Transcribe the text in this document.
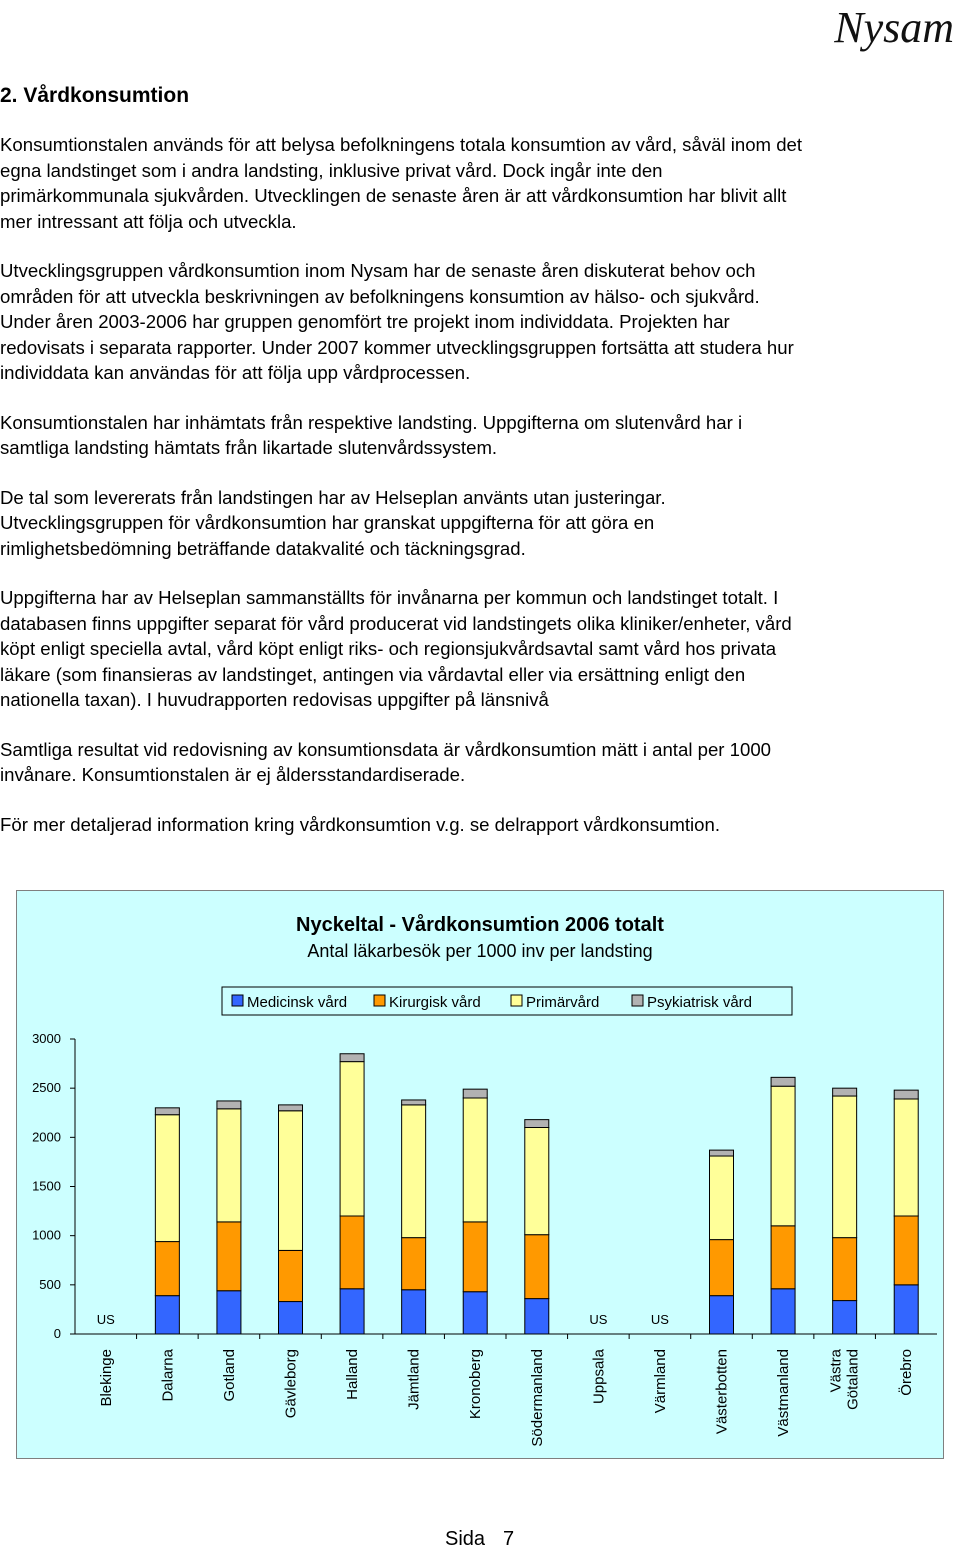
Nysam
2. Vårdkonsumtion

Konsumtionstalen används för att belysa befolkningens totala konsumtion av vård, såväl inom det
egna landstinget som i andra landsting, inklusive privat vård. Dock ingår inte den
primärkommunala sjukvården. Utvecklingen de senaste åren är att vårdkonsumtion har blivit allt
mer intressant att följa och utveckla.

Utvecklingsgruppen vårdkonsumtion inom Nysam har de senaste åren diskuterat behov och
områden för att utveckla beskrivningen av befolkningens konsumtion av hälso- och sjukvård.
Under åren 2003-2006 har gruppen genomfört tre projekt inom individdata. Projekten har
redovisats i separata rapporter. Under 2007 kommer utvecklingsgruppen fortsätta att studera hur
individdata kan användas för att följa upp vårdprocessen.

Konsumtionstalen har inhämtats från respektive landsting. Uppgifterna om slutenvård har i
samtliga landsting hämtats från likartade slutenvårdssystem.

De tal som levererats från landstingen har av Helseplan använts utan justeringar.
Utvecklingsgruppen för vårdkonsumtion har granskat uppgifterna för att göra en
rimlighetsbedömning beträffande datakvalité och täckningsgrad.

Uppgifterna har av Helseplan sammanställts för invånarna per kommun och landstinget totalt. I
databasen finns uppgifter separat för vård producerat vid landstingets olika kliniker/enheter, vård
köpt enligt speciella avtal, vård köpt enligt riks- och regionsjukvårdsavtal samt vård hos privata
läkare (som finansieras av landstinget, antingen via vårdavtal eller via ersättning enligt den
nationella taxan). I huvudrapporten redovisas uppgifter på länsnivå

Samtliga resultat vid redovisning av konsumtionsdata är vårdkonsumtion mätt i antal per 1000
invånare. Konsumtionstalen är ej åldersstandardiserade.

För mer detaljerad information kring vårdkonsumtion v.g. se delrapport vårdkonsumtion.

Nyckeltal - Vårdkonsumtion 2006 totalt
Antal läkarbesök per 1000 inv per landsting
Medicinsk vård	Kirurgisk vård	Primärvård	Psykiatrisk vård
0
500
1000
1500
2000
2500
3000
Blekinge	Dalarna	Gotland	Gävleborg	Halland	Jämtland	Kronoberg	Södermanland	Uppsala	Värmland	Västerbotten	Västmanland Västra Götaland Örebro
US	US	US
Sida 7
